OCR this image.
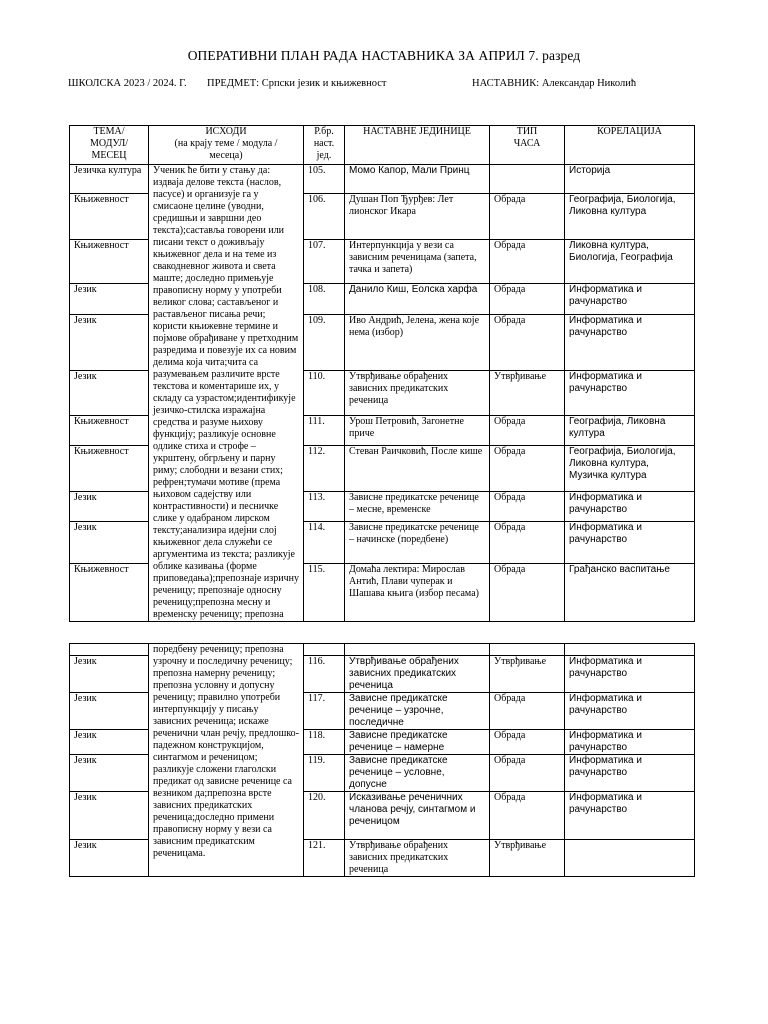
ОПЕРАТИВНИ ПЛАН РАДА НАСТАВНИКА ЗА АПРИЛ 7. разред
ШКОЛСКА 2023 / 2024. Г. ПРЕДМЕТ: Српски језик и књижевност	НАСТАВНИК: Александар Николић
ТЕМА/
МОДУЛ/
МЕСЕЦ	ИСХОДИ
(на крају теме / модула /
месеца)	Р.бр.
наст.
јед.	НАСТАВНЕ ЈЕДИНИЦЕ	ТИП
ЧАСА	КОРЕЛАЦИЈА
Језичка култура	Ученик ће бити у стању да: издваја делове текста (наслов, пасусе) и организује га у смисаоне целине (уводни, средишњи и завршни део текста);саставља говорени или писани текст о доживљају књижевног дела и на теме из свакодневног живота и света маште; доследно примењује правописну норму у употреби великог слова; састављеног и растављеног писања речи; користи књижевне термине и појмове обрађиване у претходним разредима и повезује их са новим делима која чита;чита са разумевањем различите врсте текстова и коментарише их, у складу са узрастом;идентификује језичко-стилска изражајна средства и разуме њихову функцију; разликује основне одлике стиха и строфе – укрштену, обгрљену и парну риму; слободни и везани стих; рефрен;тумачи мотиве (према њиховом садејству или контрастивности) и песничке слике у одабраном лирском тексту;анализира идејни слој књижевног дела служећи се аргументима из текста; разликује облике казивања (форме приповедања);препознаје изричну реченицу; препознаје односну реченицу;препозна месну и временску реченицу; препозна	105.	Момо Капор, Мали Принц		Историја
Књижевност		106.	Душан Поп Ђурђев: Лет лионског Икара	Обрада	Географија, Биологија, Ликовна култура
Књижевност		107.	Интерпункција у вези са зависним реченицама (запета, тачка и запета)	Обрада	Ликовна култура, Биологија, Географија
Језик		108.	Данило Киш, Еолска харфа	Обрада	Информатика и рачунарство
Језик		109.	Иво Андрић, Јелена, жена које нема (избор)	Обрада	Информатика и рачунарство
Језик		110.	Утврђивање обрађених зависних предикатских реченица	Утврђивање	Информатика и рачунарство
Књижевност		111.	Урош Петровић, Загонетне приче	Обрада	Географија, Ликовна култура
Књижевност		112.	Стеван Раичковић, После кише	Обрада	Географија, Биологија, Ликовна култура, Музичка култура
Језик		113.	Зависне предикатске реченице – месне, временске	Обрада	Информатика и рачунарство
Језик		114.	Зависне предикатске реченице – начинске (поредбене)	Обрада	Информатика и рачунарство
Књижевност		115.	Домаћа лектира: Мирослав Антић, Плави чуперак и Шашава књига (избор песама)	Обрада	Грађанско васпитање
	поредбену реченицу; препозна узрочну и последичну реченицу; препозна намерну реченицу; препозна условну и допусну реченицу; правилно употреби интерпункцију у писању зависних реченица; искаже реченични члан речју, предлошко-падежном конструкцијом, синтагмом и реченицом; разликује сложени глаголски предикат од зависне реченице са везником да;препозна врсте зависних предикатских реченица;доследно примени правописну норму у вези са зависним предикатским реченицама.				
Језик		116.	Утврђивање обрађених зависних предикатских реченица	Утврђивање	Информатика и рачунарство
Језик		117.	Зависне предикатске реченице – узрочне, последичне	Обрада	Информатика и рачунарство
Језик		118.	Зависне предикатске реченице – намерне	Обрада	Информатика и рачунарство
Језик		119.	Зависне предикатске реченице – условне, допусне	Обрада	Информатика и рачунарство
Језик		120.	Исказивање реченичних чланова речју, синтагмом и реченицом	Обрада	Информатика и рачунарство
Језик		121.	Утврђивање обрађених зависних предикатских реченица	Утврђивање	
